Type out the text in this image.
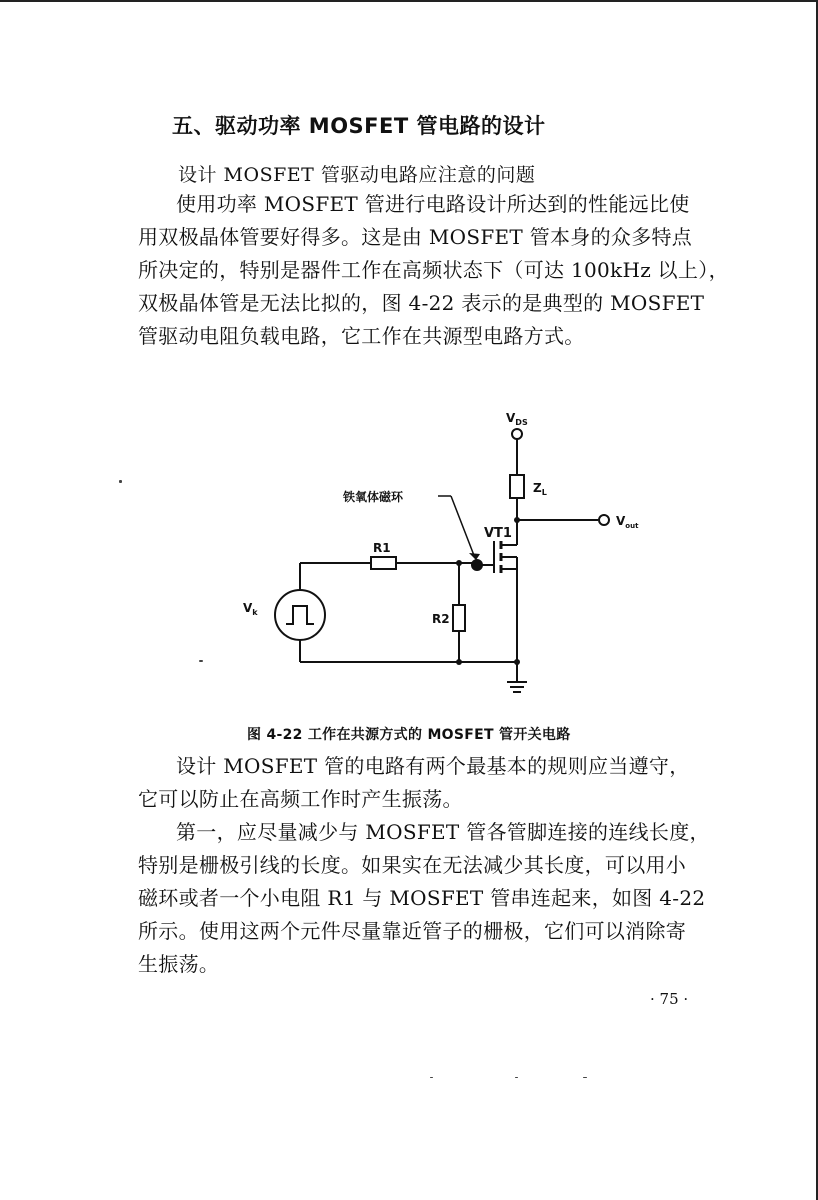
五、驱动功率 MOSFET 管电路的设计
设计 MOSFET 管驱动电路应注意的问题
使用功率 MOSFET 管进行电路设计所达到的性能远比使
用双极晶体管要好得多。这是由 MOSFET 管本身的众多特点
所决定的，特别是器件工作在高频状态下（可达 100kHz 以上），
双极晶体管是无法比拟的，图 4-22 表示的是典型的 MOSFET
管驱动电阻负载电路，它工作在共源型电路方式。
$V_{DS}$
$Z_L$
铁氧体磁环
VT1
$V_{out}$
R1
R2
$V_k$
图 4-22 工作在共源方式的 MOSFET 管开关电路
设计 MOSFET 管的电路有两个最基本的规则应当遵守，
它可以防止在高频工作时产生振荡。
第一，应尽量减少与 MOSFET 管各管脚连接的连线长度，
特别是栅极引线的长度。如果实在无法减少其长度，可以用小
磁环或者一个小电阻 R1 与 MOSFET 管串连起来，如图 4-22
所示。使用这两个元件尽量靠近管子的栅极，它们可以消除寄
生振荡。
· 75 ·
